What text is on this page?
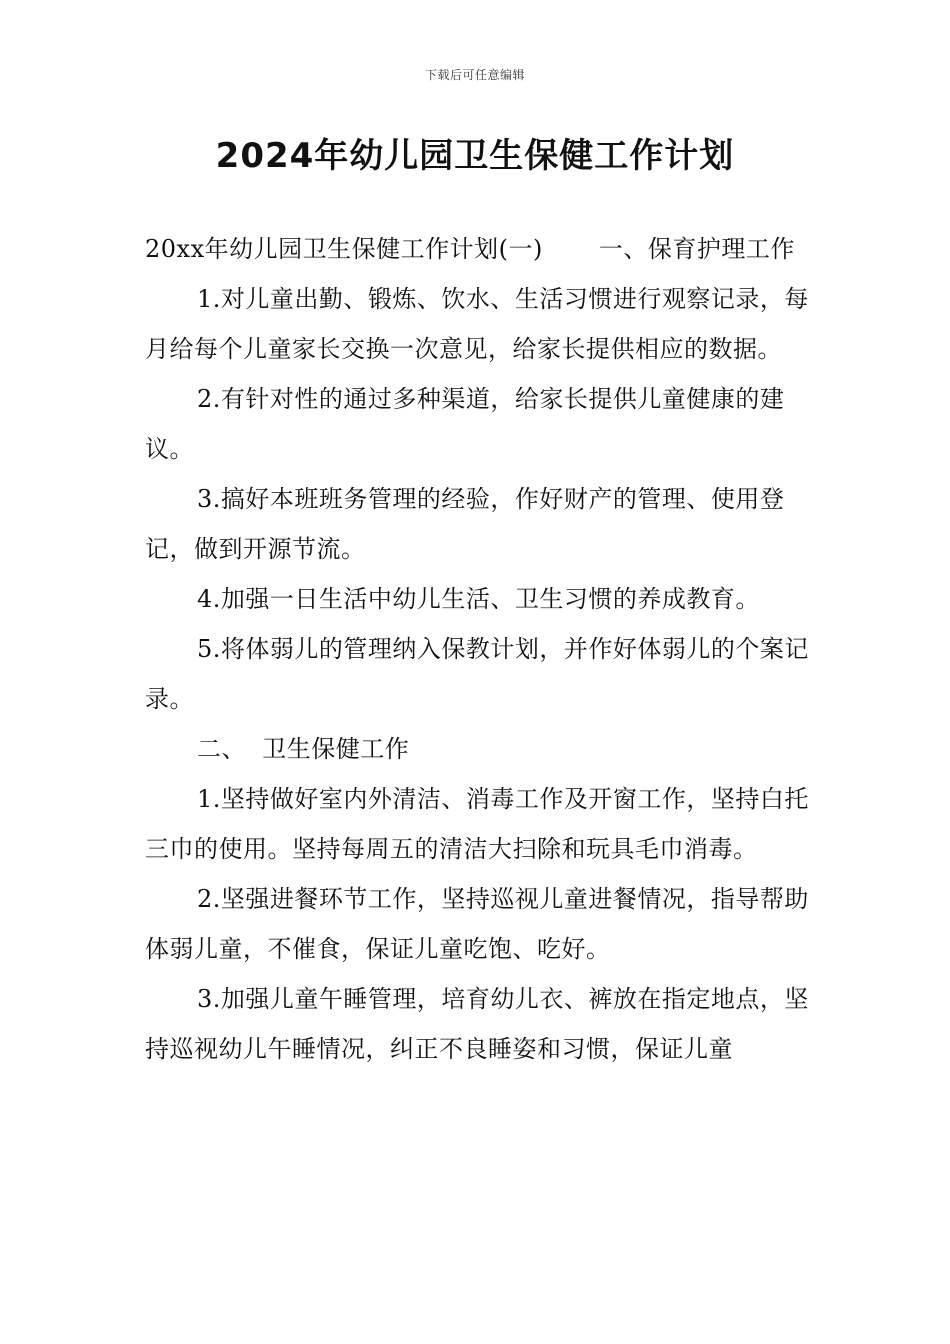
下载后可任意编辑
2024年幼儿园卫生保健工作计划

20xx年幼儿园卫生保健工作计划(一) 一、保育护理工作

1.对儿童出勤、锻炼、饮水、生活习惯进行观察记录，每月给每个儿童家长交换一次意见，给家长提供相应的数据。

2.有针对性的通过多种渠道，给家长提供儿童健康的建议。

3.搞好本班班务管理的经验，作好财产的管理、使用登记，做到开源节流。

4.加强一日生活中幼儿生活、卫生习惯的养成教育。

5.将体弱儿的管理纳入保教计划，并作好体弱儿的个案记录。

二、  卫生保健工作

1.坚持做好室内外清洁、消毒工作及开窗工作，坚持白托三巾的使用。坚持每周五的清洁大扫除和玩具毛巾消毒。

2.坚强进餐环节工作，坚持巡视儿童进餐情况，指导帮助体弱儿童，不催食，保证儿童吃饱、吃好。

3.加强儿童午睡管理，培育幼儿衣、裤放在指定地点，坚持巡视幼儿午睡情况，纠正不良睡姿和习惯，保证儿童
